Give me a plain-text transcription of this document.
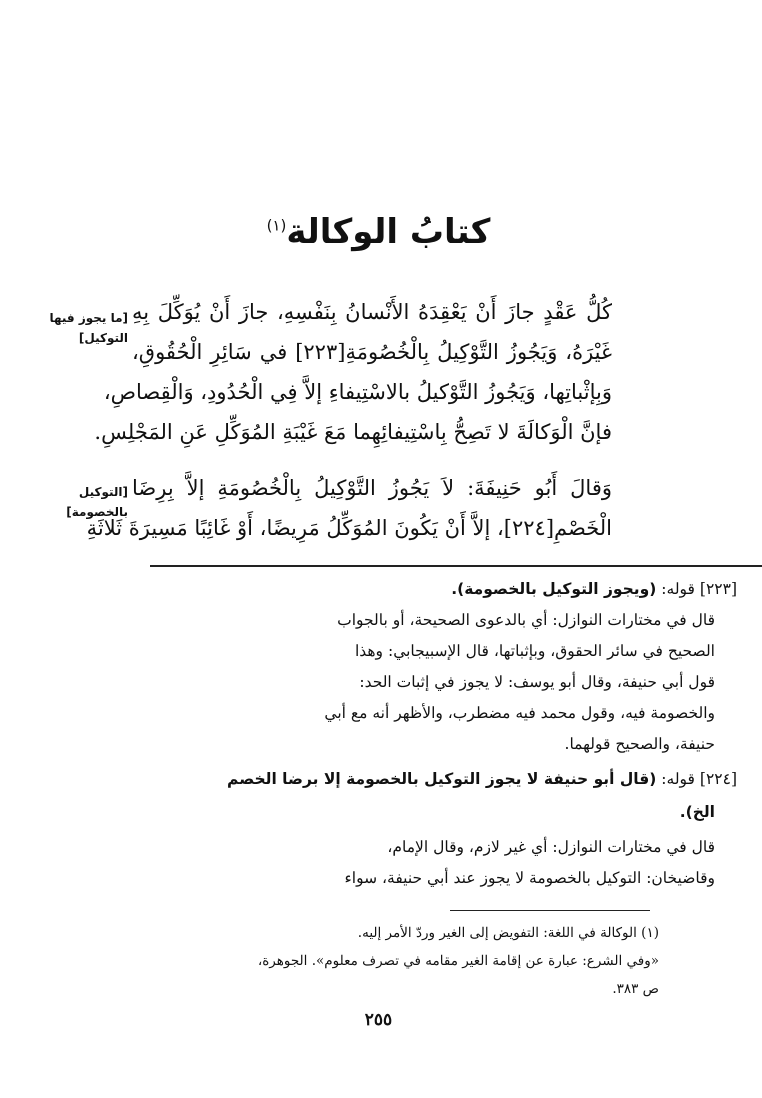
كتابُ الوكالة$^{(١)}$
[ما يجوز فيها
التوكيل]
[التوكيل
بالخصومة]
كُلُّ عَقْدٍ جازَ أَنْ يَعْقِدَهُ الأَنْسانُ بِنَفْسِهِ، جازَ أَنْ يُوَكِّلَ بِهِ
غَيْرَهُ، وَيَجُوزُ التَّوْكِيلُ بِالْخُصُومَةِ[٢٢٣] في سَائِرِ الْحُقُوقِ،
وَبِإثْباتِها، وَيَجُوزُ التَّوْكيلُ بالاسْتِيفاءِ إلاَّ فِي الْحُدُودِ، وَالْقِصاصِ،
فإنَّ الْوَكالَةَ لا تَصِحُّ بِاسْتِيفائِهِما مَعَ غَيْبَةِ المُوَكِّلِ عَنِ المَجْلِسِ.
وَقالَ أَبُو حَنِيفَةَ: لاَ يَجُوزُ التَّوْكِيلُ بِالْخُصُومَةِ إلاَّ بِرِضَا
الْخَصْمِ[٢٢٤]، إلاَّ أَنْ يَكُونَ المُوَكِّلُ مَرِيضًا، أَوْ غَائِبًا مَسِيرَةَ ثَلاثَةِ
[٢٢٣] قوله: (ويجوز التوكيل بالخصومة).
قال في مختارات النوازل: أي بالدعوى الصحيحة، أو بالجواب
الصحيح في سائر الحقوق، وبإثباتها، قال الإسبيجابي: وهذا
قول أبي حنيفة، وقال أبو يوسف: لا يجوز في إثبات الحد:
والخصومة فيه، وقول محمد فيه مضطرب، والأظهر أنه مع أبي
حنيفة، والصحيح قولهما.
[٢٢٤] قوله: (قال أبو حنيفة لا يجوز التوكيل بالخصومة إلا برضا الخصم
الخ).
قال في مختارات النوازل: أي غير لازم، وقال الإمام،
وقاضيخان: التوكيل بالخصومة لا يجوز عند أبي حنيفة، سواء
(١) الوكالة في اللغة: التفويض إلى الغير وردّ الأمر إليه.
«وفي الشرع: عبارة عن إقامة الغير مقامه في تصرف معلوم». الجوهرة،
ص ٣٨٣.
٢٥٥
